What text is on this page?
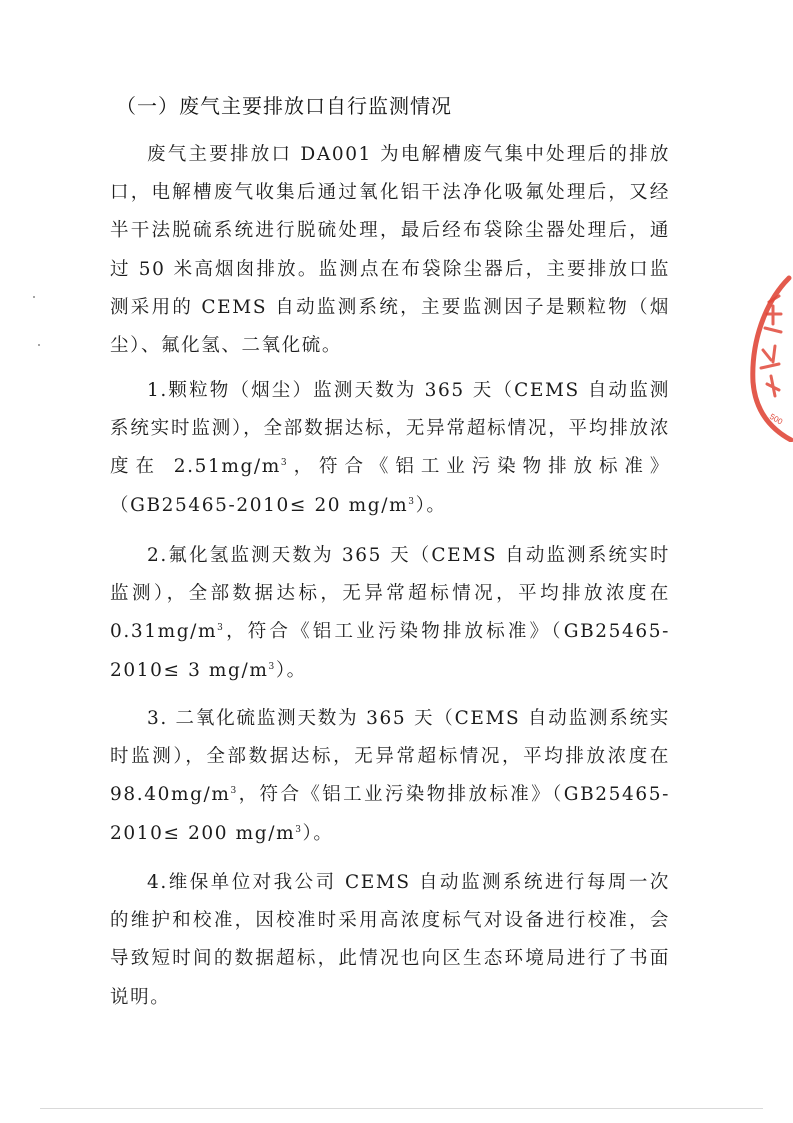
（一）废气主要排放口自行监测情况
废气主要排放口 DA001 为电解槽废气集中处理后的排放口，电解槽废气收集后通过氧化铝干法净化吸氟处理后，又经半干法脱硫系统进行脱硫处理，最后经布袋除尘器处理后，通过 50 米高烟囱排放。监测点在布袋除尘器后，主要排放口监测采用的 CEMS 自动监测系统，主要监测因子是颗粒物（烟尘）、氟化氢、二氧化硫。
1.颗粒物（烟尘）监测天数为 365 天（CEMS 自动监测系统实时监测），全部数据达标，无异常超标情况，平均排放浓度在 $2.51mg/m^3$，符合《铝工业污染物排放标准》（GB25465-2010≤ 20 $mg/m^3$）。
2.氟化氢监测天数为 365 天（CEMS 自动监测系统实时监测），全部数据达标，无异常超标情况，平均排放浓度在 $0.31mg/m^3$，符合《铝工业污染物排放标准》（GB25465-2010≤ 3 $mg/m^3$）。
3. 二氧化硫监测天数为 365 天（CEMS 自动监测系统实时监测），全部数据达标，无异常超标情况，平均排放浓度在 $98.40mg/m^3$，符合《铝工业污染物排放标准》（GB25465-2010≤ 200 $mg/m^3$）。
4.维保单位对我公司 CEMS 自动监测系统进行每周一次的维护和校准，因校准时采用高浓度标气对设备进行校准，会导致短时间的数据超标，此情况也向区生态环境局进行了书面说明。
500
